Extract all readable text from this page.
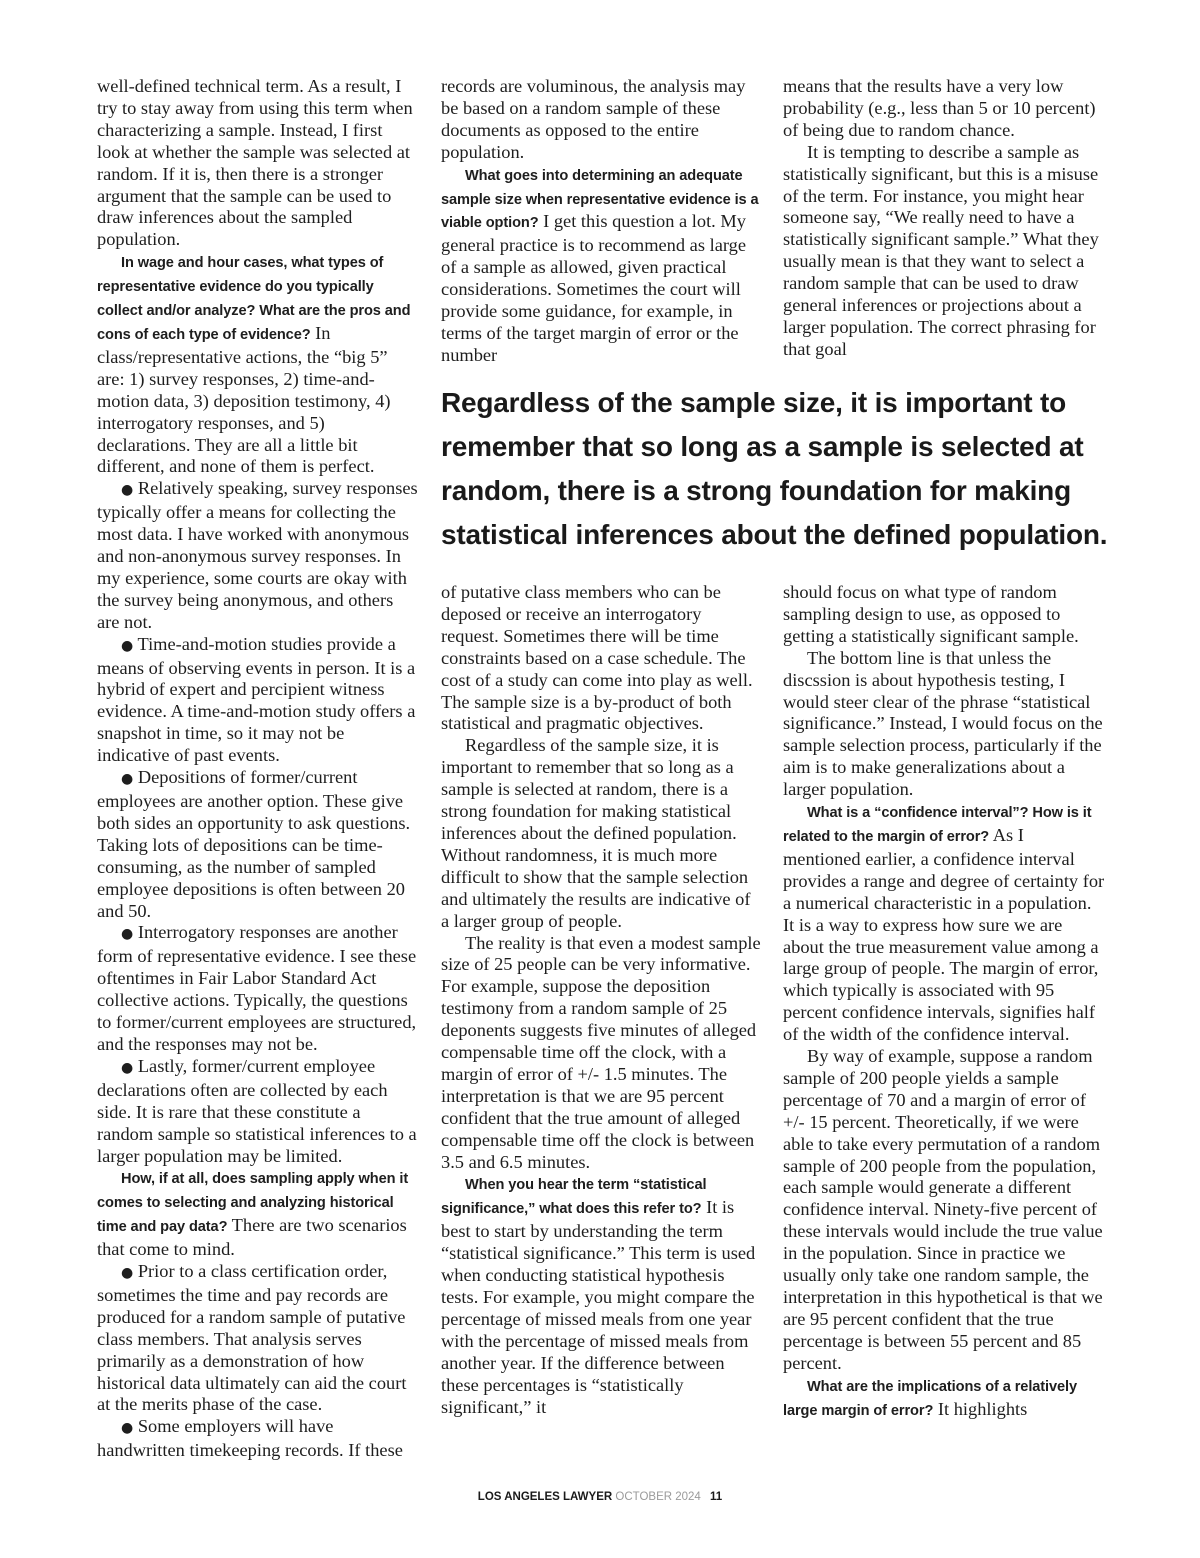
well-defined technical term. As a result, I try to stay away from using this term when characterizing a sample. Instead, I first look at whether the sample was selected at random. If it is, then there is a stronger argument that the sample can be used to draw inferences about the sampled population.

In wage and hour cases, what types of representative evidence do you typically collect and/or analyze? What are the pros and cons of each type of evidence? In class/representative actions, the “big 5” are: 1) survey responses, 2) time-and-motion data, 3) deposition testimony, 4) interrogatory responses, and 5) declarations. They are all a little bit different, and none of them is perfect.

● Relatively speaking, survey responses typically offer a means for collecting the most data. I have worked with anonymous and non-anonymous survey responses. In my experience, some courts are okay with the survey being anonymous, and others are not.

● Time-and-motion studies provide a means of observing events in person. It is a hybrid of expert and percipient witness evidence. A time-and-motion study offers a snapshot in time, so it may not be indicative of past events.

● Depositions of former/current employees are another option. These give both sides an opportunity to ask questions. Taking lots of depositions can be time-consuming, as the number of sampled employee depositions is often between 20 and 50.

● Interrogatory responses are another form of representative evidence. I see these oftentimes in Fair Labor Standard Act collective actions. Typically, the questions to former/current employees are structured, and the responses may not be.

● Lastly, former/current employee declarations often are collected by each side. It is rare that these constitute a random sample so statistical inferences to a larger population may be limited.

How, if at all, does sampling apply when it comes to selecting and analyzing historical time and pay data? There are two scenarios that come to mind.

● Prior to a class certification order, sometimes the time and pay records are produced for a random sample of putative class members. That analysis serves primarily as a demonstration of how historical data ultimately can aid the court at the merits phase of the case.

● Some employers will have handwritten timekeeping records. If these

records are voluminous, the analysis may be based on a random sample of these documents as opposed to the entire population.

What goes into determining an adequate sample size when representative evidence is a viable option? I get this question a lot. My general practice is to recommend as large of a sample as allowed, given practical considerations. Sometimes the court will provide some guidance, for example, in terms of the target margin of error or the number

means that the results have a very low probability (e.g., less than 5 or 10 percent) of being due to random chance.

It is tempting to describe a sample as statistically significant, but this is a misuse of the term. For instance, you might hear someone say, “We really need to have a statistically significant sample.” What they usually mean is that they want to select a random sample that can be used to draw general inferences or projections about a larger population. The correct phrasing for that goal

Regardless of the sample size, it is important to remember that so long as a sample is selected at random, there is a strong foundation for making statistical inferences about the defined population.

of putative class members who can be deposed or receive an interrogatory request. Sometimes there will be time constraints based on a case schedule. The cost of a study can come into play as well. The sample size is a by-product of both statistical and pragmatic objectives.

Regardless of the sample size, it is important to remember that so long as a sample is selected at random, there is a strong foundation for making statistical inferences about the defined population. Without randomness, it is much more difficult to show that the sample selection and ultimately the results are indicative of a larger group of people.

The reality is that even a modest sample size of 25 people can be very informative. For example, suppose the deposition testimony from a random sample of 25 deponents suggests five minutes of alleged compensable time off the clock, with a margin of error of +/- 1.5 minutes. The interpretation is that we are 95 percent confident that the true amount of alleged compensable time off the clock is between 3.5 and 6.5 minutes.

When you hear the term “statistical significance,” what does this refer to? It is best to start by understanding the term “statistical significance.” This term is used when conducting statistical hypothesis tests. For example, you might compare the percentage of missed meals from one year with the percentage of missed meals from another year. If the difference between these percentages is “statistically significant,” it

should focus on what type of random sampling design to use, as opposed to getting a statistically significant sample.

The bottom line is that unless the discssion is about hypothesis testing, I would steer clear of the phrase “statistical significance.” Instead, I would focus on the sample selection process, particularly if the aim is to make generalizations about a larger population.

What is a “confidence interval”? How is it related to the margin of error? As I mentioned earlier, a confidence interval provides a range and degree of certainty for a numerical characteristic in a population. It is a way to express how sure we are about the true measurement value among a large group of people. The margin of error, which typically is associated with 95 percent confidence intervals, signifies half of the width of the confidence interval.

By way of example, suppose a random sample of 200 people yields a sample percentage of 70 and a margin of error of +/- 15 percent. Theoretically, if we were able to take every permutation of a random sample of 200 people from the population, each sample would generate a different confidence interval. Ninety-five percent of these intervals would include the true value in the population. Since in practice we usually only take one random sample, the interpretation in this hypothetical is that we are 95 percent confident that the true percentage is between 55 percent and 85 percent.

What are the implications of a relatively large margin of error? It highlights

LOS ANGELES LAWYER OCTOBER 2024 11
